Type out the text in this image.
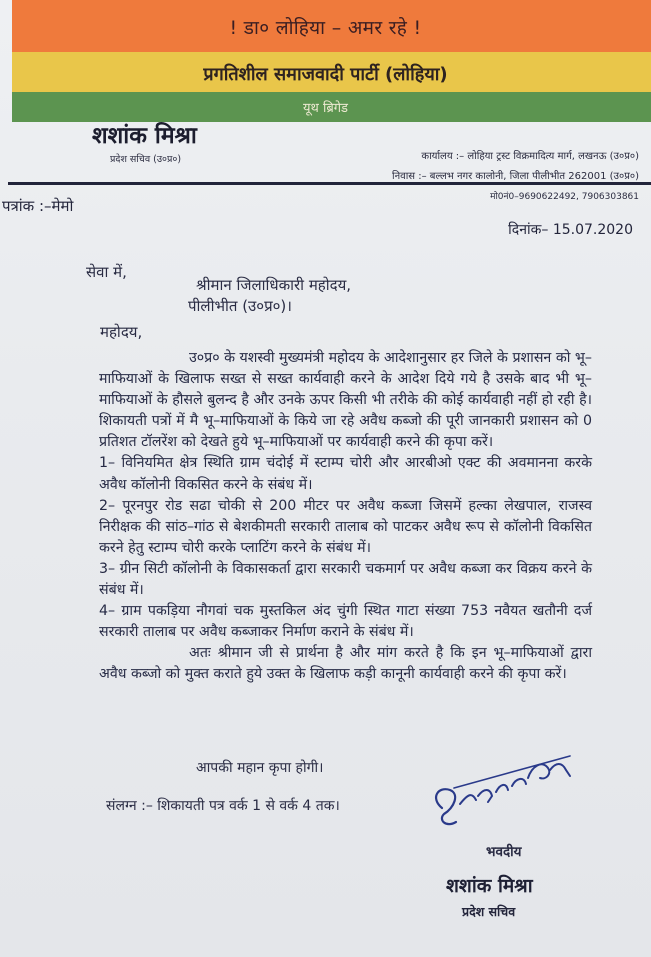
! डा० लोहिया – अमर रहे !
प्रगतिशील समाजवादी पार्टी (लोहिया)
यूथ ब्रिगेड
शशांक मिश्रा
प्रदेश सचिव (उ०प्र०)	कार्यालय :– लोहिया ट्रस्ट विक्रमादित्य मार्ग, लखनऊ (उ०प्र०)
निवास :– बल्लभ नगर कालोनी, जिला पीलीभीत 262001 (उ०प्र०)
मो0नं0–9690622492, 7906303861
पत्रांक :–मेमो
दिनांक– 15.07.2020
सेवा में,
श्रीमान जिलाधिकारी महोदय,
पीलीभीत (उ०प्र०)।
महोदय,

उ०प्र० के यशस्वी मुख्यमंत्री महोदय के आदेशानुसार हर जिले के प्रशासन को भू–माफियाओं के खिलाफ सख्त से सख्त कार्यवाही करने के आदेश दिये गये है उसके बाद भी भू–माफियाओं के हौसले बुलन्द है और उनके ऊपर किसी भी तरीके की कोई कार्यवाही नहीं हो रही है। शिकायती पत्रों में मै भू–माफियाओं के किये जा रहे अवैध कब्जो की पूरी जानकारी प्रशासन को 0 प्रतिशत टॉलरेंश को देखते हुये भू–माफियाओं पर कार्यवाही करने की कृपा करें।

1– विनियमित क्षेत्र स्थिति ग्राम चंदोई में स्टाम्प चोरी और आरबीओ एक्ट की अवमानना करके अवैध कॉलोनी विकसित करने के संबंध में।

2– पूरनपुर रोड सढा चोकी से 200 मीटर पर अवैध कब्जा जिसमें हल्का लेखपाल, राजस्व निरीक्षक की सांठ–गांठ से बेशकीमती सरकारी तालाब को पाटकर अवैध रूप से कॉलोनी विकसित करने हेतु स्टाम्प चोरी करके प्लाटिंग करने के संबंध में।

3– ग्रीन सिटी कॉलोनी के विकासकर्ता द्वारा सरकारी चकमार्ग पर अवैध कब्जा कर विक्रय करने के संबंध में।

4– ग्राम पकड़िया नौगवां चक मुस्तकिल अंद चुंगी स्थित गाटा संख्या 753 नवैयत खतौनी दर्ज सरकारी तालाब पर अवैध कब्जाकर निर्माण कराने के संबंध में।

अतः श्रीमान जी से प्रार्थना है और मांग करते है कि इन भू–माफियाओं द्वारा अवैध कब्जो को मुक्त कराते हुये उक्त के खिलाफ कड़ी कानूनी कार्यवाही करने की कृपा करें।

आपकी महान कृपा होगी।
संलग्न :– शिकायती पत्र वर्क 1 से वर्क 4 तक।
भवदीय
शशांक मिश्रा
प्रदेश सचिव
